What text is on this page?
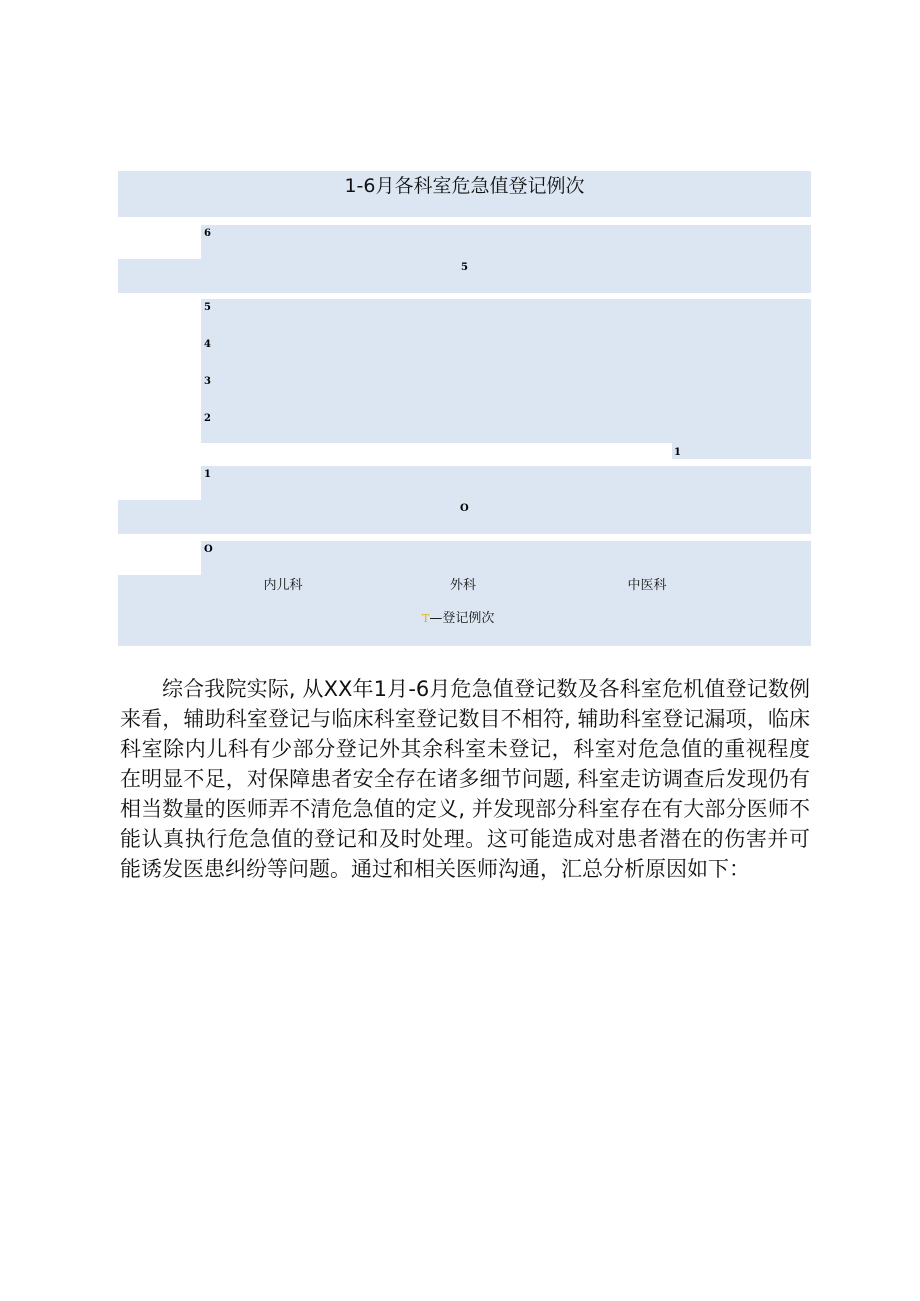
1-6月各科室危急值登记例次
6
5
4
3
2
1
O
5
O
1
内儿科	外科	中医科
T—登记例次

综合我院实际, 从XX年1月-6月危急值登记数及各科室危机值登记数例来看，辅助科室登记与临床科室登记数目不相符, 辅助科室登记漏项，临床科室除内儿科有少部分登记外其余科室未登记，科室对危急值的重视程度在明显不足，对保障患者安全存在诸多细节问题, 科室走访调查后发现仍有相当数量的医师弄不清危急值的定义, 并发现部分科室存在有大部分医师不能认真执行危急值的登记和及时处理。这可能造成对患者潜在的伤害并可能诱发医患纠纷等问题。通过和相关医师沟通，汇总分析原因如下：
